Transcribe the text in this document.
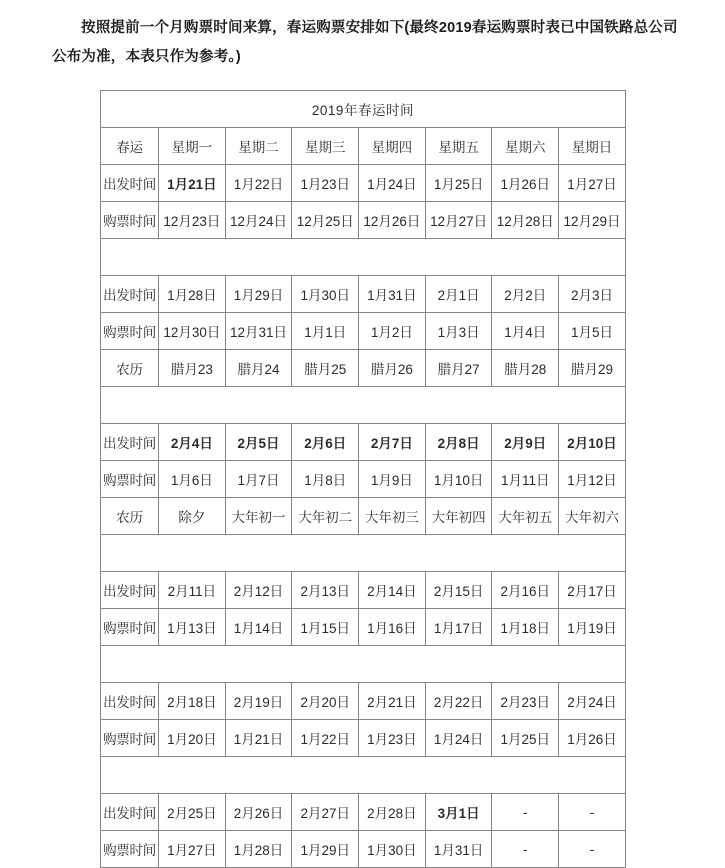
按照提前一个月购票时间来算，春运购票安排如下(最终2019春运购票时表已中国铁路总公司公布为准，本表只作为参考。)

2019年春运时间							
春运	星期一	星期二	星期三	星期四	星期五	星期六	星期日
出发时间	1月21日	1月22日	1月23日	1月24日	1月25日	1月26日	1月27日
购票时间	12月23日	12月24日	12月25日	12月26日	12月27日	12月28日	12月29日

出发时间	1月28日	1月29日	1月30日	1月31日	2月1日	2月2日	2月3日
购票时间	12月30日	12月31日	1月1日	1月2日	1月3日	1月4日	1月5日
农历	腊月23	腊月24	腊月25	腊月26	腊月27	腊月28	腊月29

出发时间	2月4日	2月5日	2月6日	2月7日	2月8日	2月9日	2月10日
购票时间	1月6日	1月7日	1月8日	1月9日	1月10日	1月11日	1月12日
农历	除夕	大年初一	大年初二	大年初三	大年初四	大年初五	大年初六

出发时间	2月11日	2月12日	2月13日	2月14日	2月15日	2月16日	2月17日
购票时间	1月13日	1月14日	1月15日	1月16日	1月17日	1月18日	1月19日

出发时间	2月18日	2月19日	2月20日	2月21日	2月22日	2月23日	2月24日
购票时间	1月20日	1月21日	1月22日	1月23日	1月24日	1月25日	1月26日

出发时间	2月25日	2月26日	2月27日	2月28日	3月1日	-	-
购票时间	1月27日	1月28日	1月29日	1月30日	1月31日	-	-
